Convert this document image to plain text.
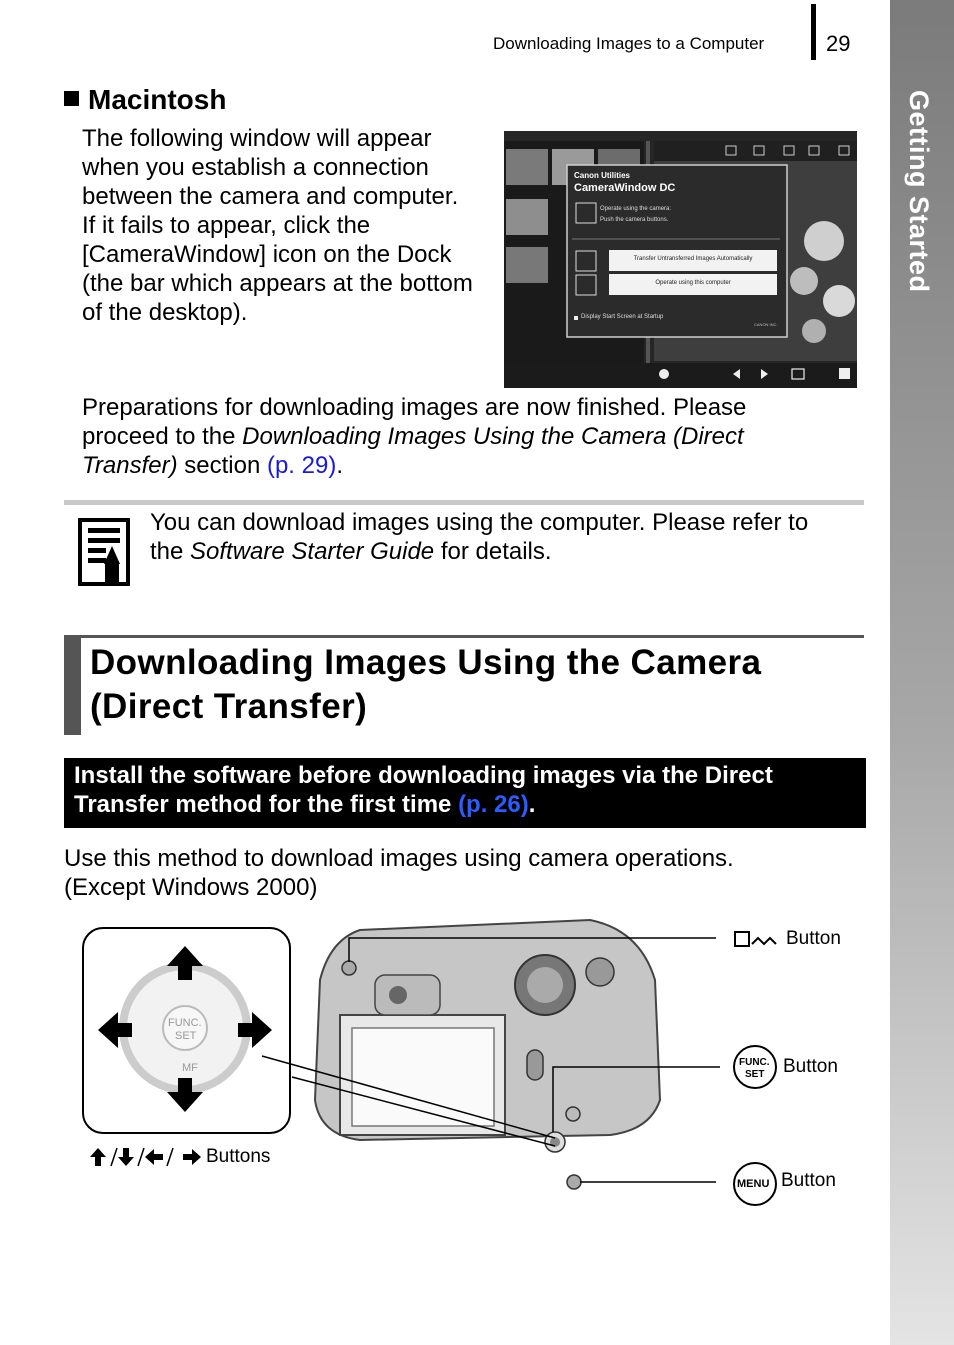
Downloading Images to a Computer	29
Getting Started
Macintosh
The following window will appear
when you establish a connection
between the camera and computer.
If it fails to appear, click the
[CameraWindow] icon on the Dock
(the bar which appears at the bottom
of the desktop).
Canon Utilities
CameraWindow DC
Operate using the camera:
Push the camera buttons.
Transfer Untransferred Images Automatically
Operate using this computer
Display Start Screen at Startup
CANON INC.
Preparations for downloading images are now finished. Please
proceed to the Downloading Images Using the Camera (Direct
Transfer) section (p. 29).
You can download images using the computer. Please refer to
the Software Starter Guide for details.
Downloading Images Using the Camera
(Direct Transfer)
Install the software before downloading images via the Direct
Transfer method for the first time (p. 26).
Use this method to download images using camera operations.
(Except Windows 2000)
FUNC.
SET
MF
Button
FUNC.
SET Button
MENU Button
Buttons
